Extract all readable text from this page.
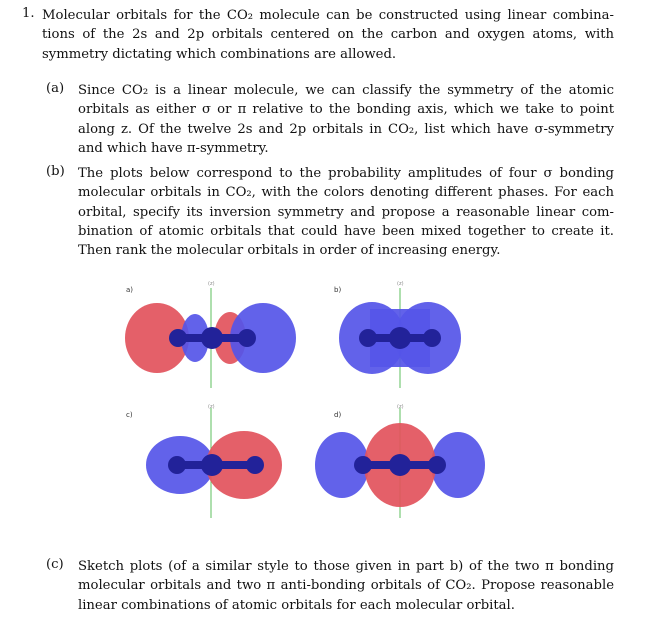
1. Molecular orbitals for the CO₂ molecule can be constructed using linear combina-
tions of the 2s and 2p orbitals centered on the carbon and oxygen atoms, with
symmetry dictating which combinations are allowed.
(a) Since CO₂ is a linear molecule, we can classify the symmetry of the atomic
orbitals as either σ or π relative to the bonding axis, which we take to point
along z. Of the twelve 2s and 2p orbitals in CO₂, list which have σ-symmetry
and which have π-symmetry.
(b) The plots below correspond to the probability amplitudes of four σ bonding
molecular orbitals in CO₂, with the colors denoting different phases. For each
orbital, specify its inversion symmetry and propose a reasonable linear com-
bination of atomic orbitals that could have been mixed together to create it.
Then rank the molecular orbitals in order of increasing energy.
a)	b)
c)	d)
(z)	(z)
(z)	(z)
(c) Sketch plots (of a similar style to those given in part b) of the two π bonding
molecular orbitals and two π anti-bonding orbitals of CO₂. Propose reasonable
linear combinations of atomic orbitals for each molecular orbital.
